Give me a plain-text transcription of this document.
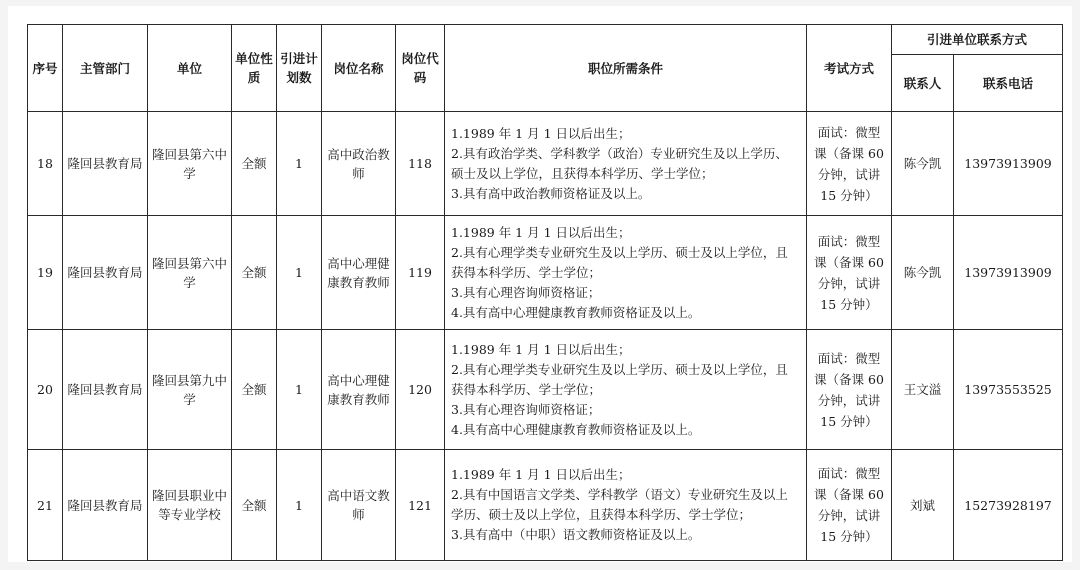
序号	主管部门	单位	单位性质	引进计划数	岗位名称	岗位代码	职位所需条件	考试方式	引进单位联系方式	
									联系人	联系电话
18	隆回县教育局	隆回县第六中学	全额	1	高中政治教师	118	1.1989 年 1 月 1 日以后出生；
2.具有政治学类、学科教学（政治）专业研究生及以上学历、硕士及以上学位，且获得本科学历、学士学位；
3.具有高中政治教师资格证及以上。	面试：微型课（备课 60 分钟，试讲 15 分钟）	陈今凯	13973913909
19	隆回县教育局	隆回县第六中学	全额	1	高中心理健康教育教师	119	1.1989 年 1 月 1 日以后出生；
2.具有心理学类专业研究生及以上学历、硕士及以上学位，且获得本科学历、学士学位；
3.具有心理咨询师资格证；
4.具有高中心理健康教育教师资格证及以上。	面试：微型课（备课 60 分钟，试讲 15 分钟）	陈今凯	13973913909
20	隆回县教育局	隆回县第九中学	全额	1	高中心理健康教育教师	120	1.1989 年 1 月 1 日以后出生；
2.具有心理学类专业研究生及以上学历、硕士及以上学位，且获得本科学历、学士学位；
3.具有心理咨询师资格证；
4.具有高中心理健康教育教师资格证及以上。	面试：微型课（备课 60 分钟，试讲 15 分钟）	王文溢	13973553525
21	隆回县教育局	隆回县职业中等专业学校	全额	1	高中语文教师	121	1.1989 年 1 月 1 日以后出生；
2.具有中国语言文学类、学科教学（语文）专业研究生及以上学历、硕士及以上学位，且获得本科学历、学士学位；
3.具有高中（中职）语文教师资格证及以上。	面试：微型课（备课 60 分钟，试讲 15 分钟）	刘斌	15273928197
